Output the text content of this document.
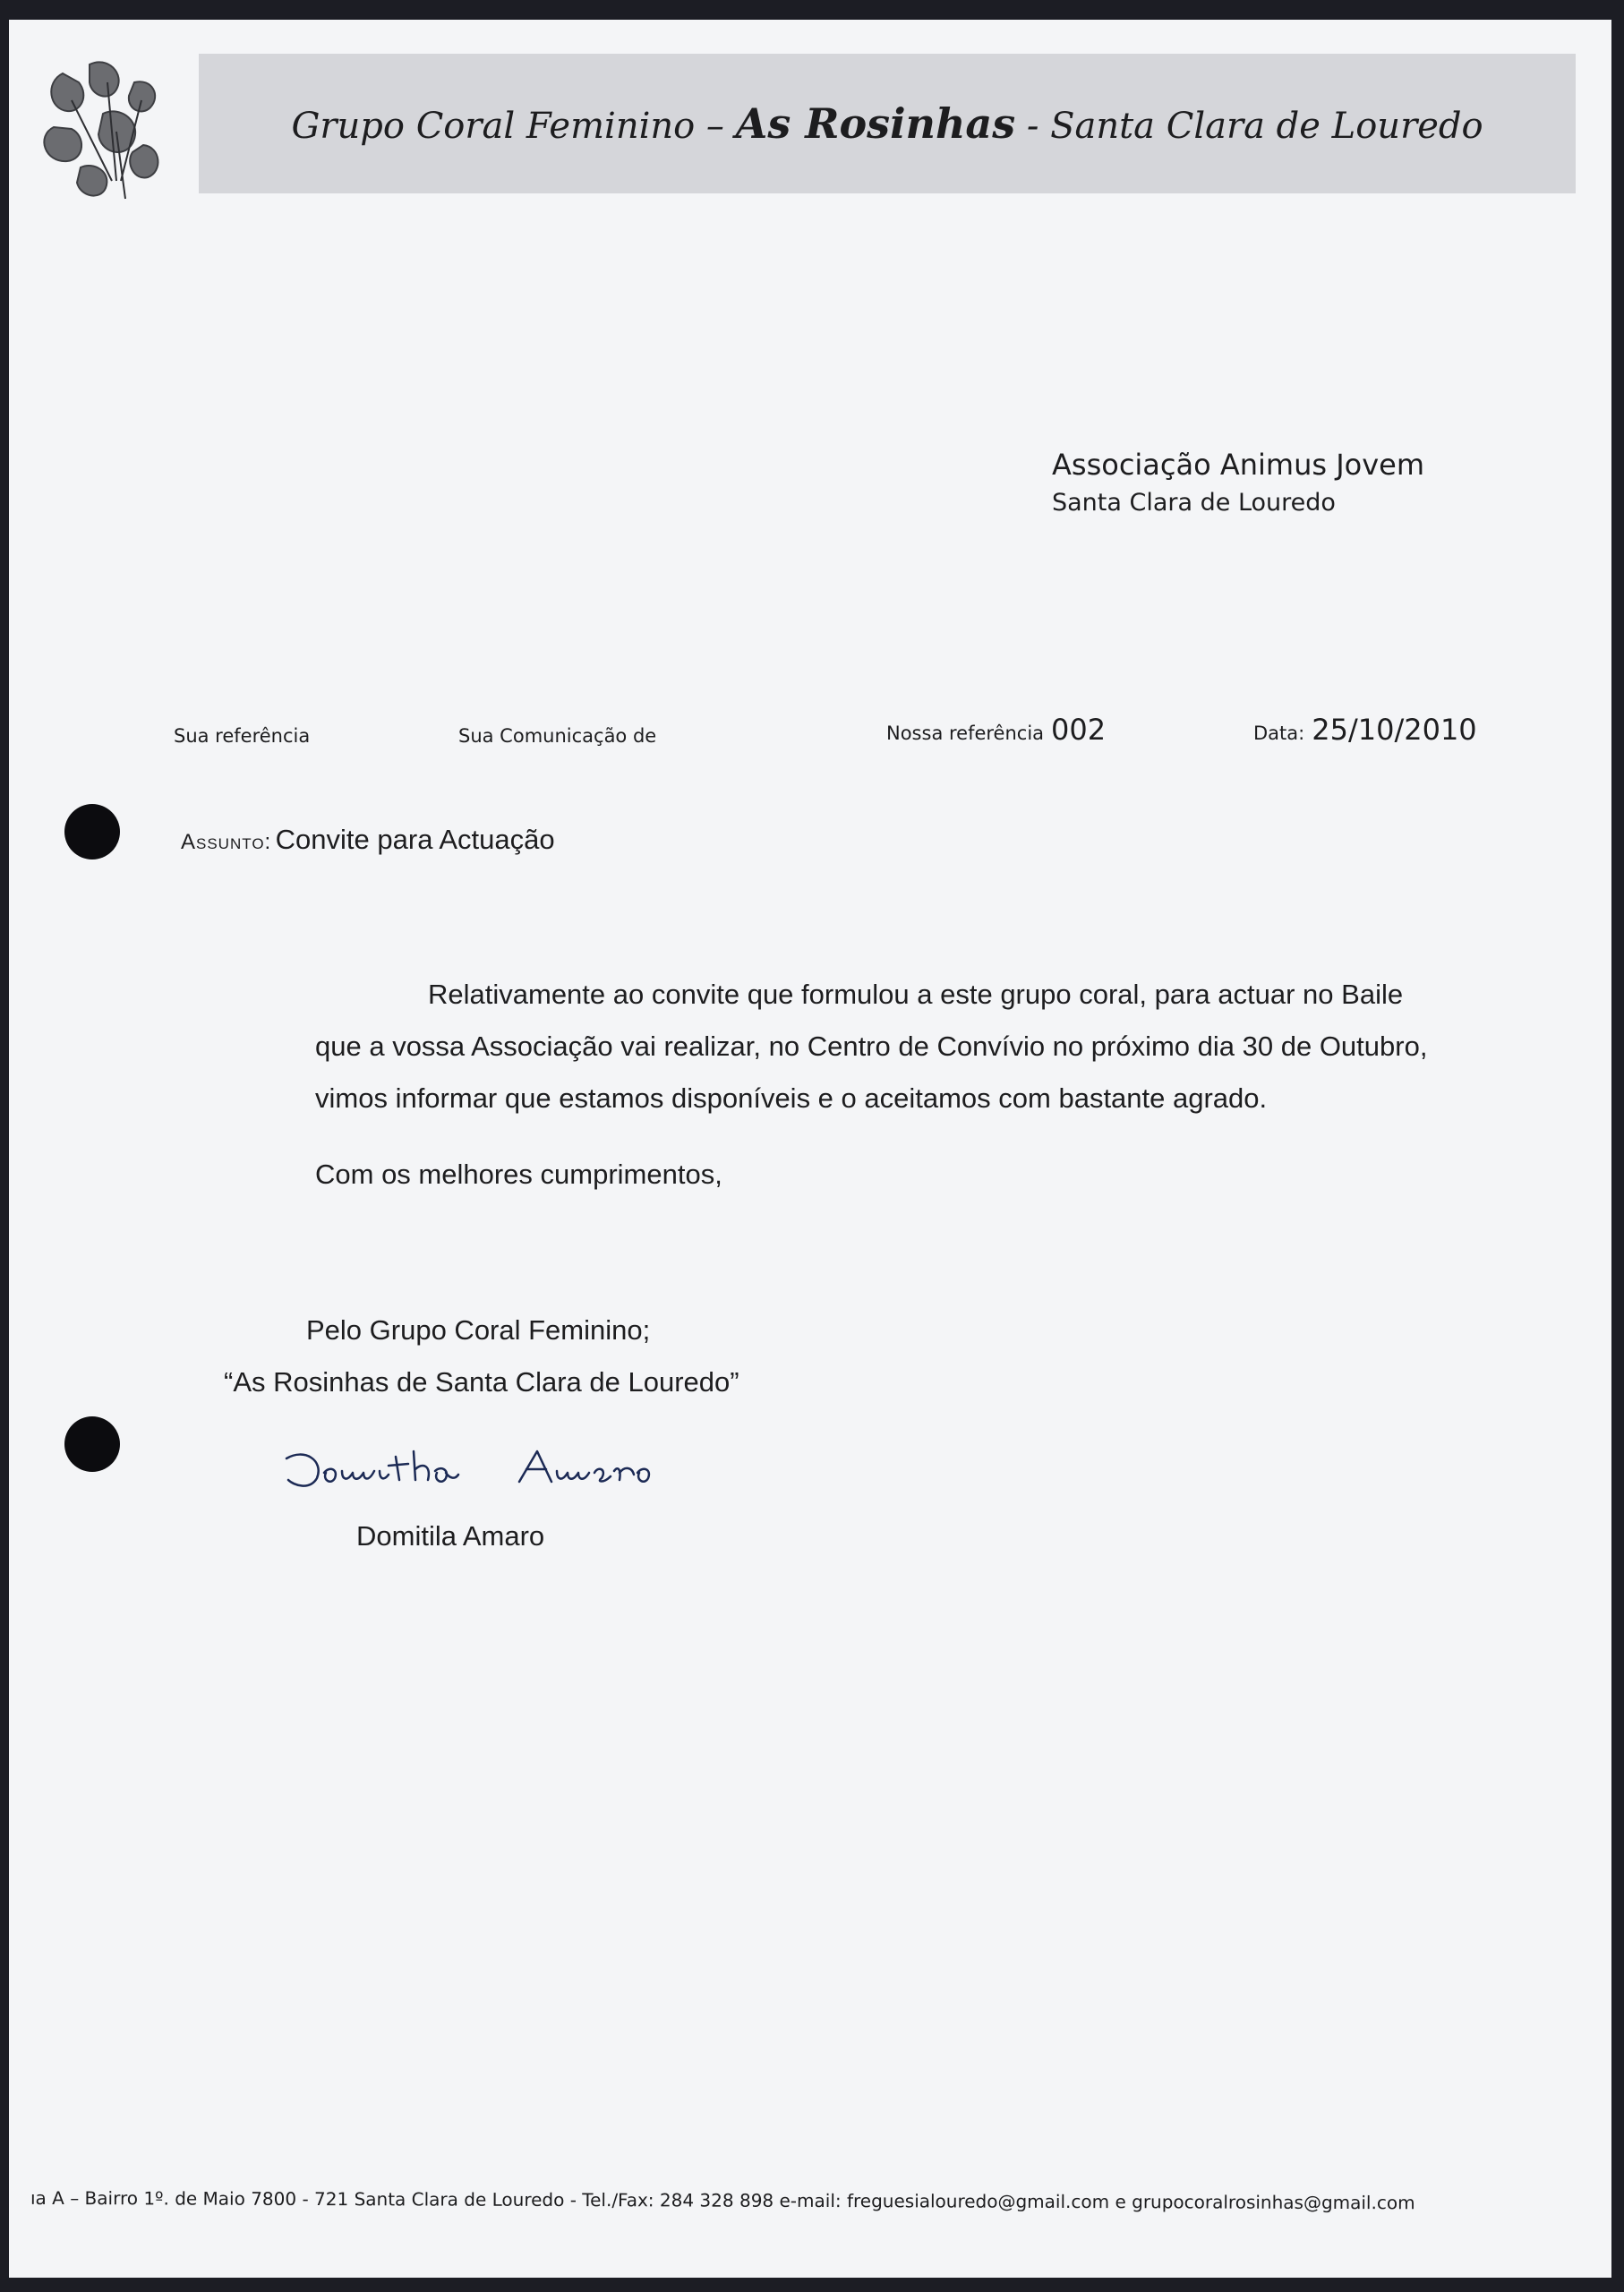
Grupo Coral Feminino – As Rosinhas - Santa Clara de Louredo
Associação Animus Jovem
Santa Clara de Louredo
Sua referência	Sua Comunicação de	Nossa referência 002	Data: 25/10/2010
Assunto: Convite para Actuação

Relativamente ao convite que formulou a este grupo coral, para actuar no Baile

que a vossa Associação vai realizar, no Centro de Convívio no próximo dia 30 de Outubro,

vimos informar que estamos disponíveis e o aceitamos com bastante agrado.

Com os melhores cumprimentos,
Pelo Grupo Coral Feminino;
“As Rosinhas de Santa Clara de Louredo”
Domitila Amaro
ıa A – Bairro 1º. de Maio 7800 - 721 Santa Clara de Louredo - Tel./Fax: 284 328 898 e-mail: freguesialouredo@gmail.com e grupocoralrosinhas@gmail.com
